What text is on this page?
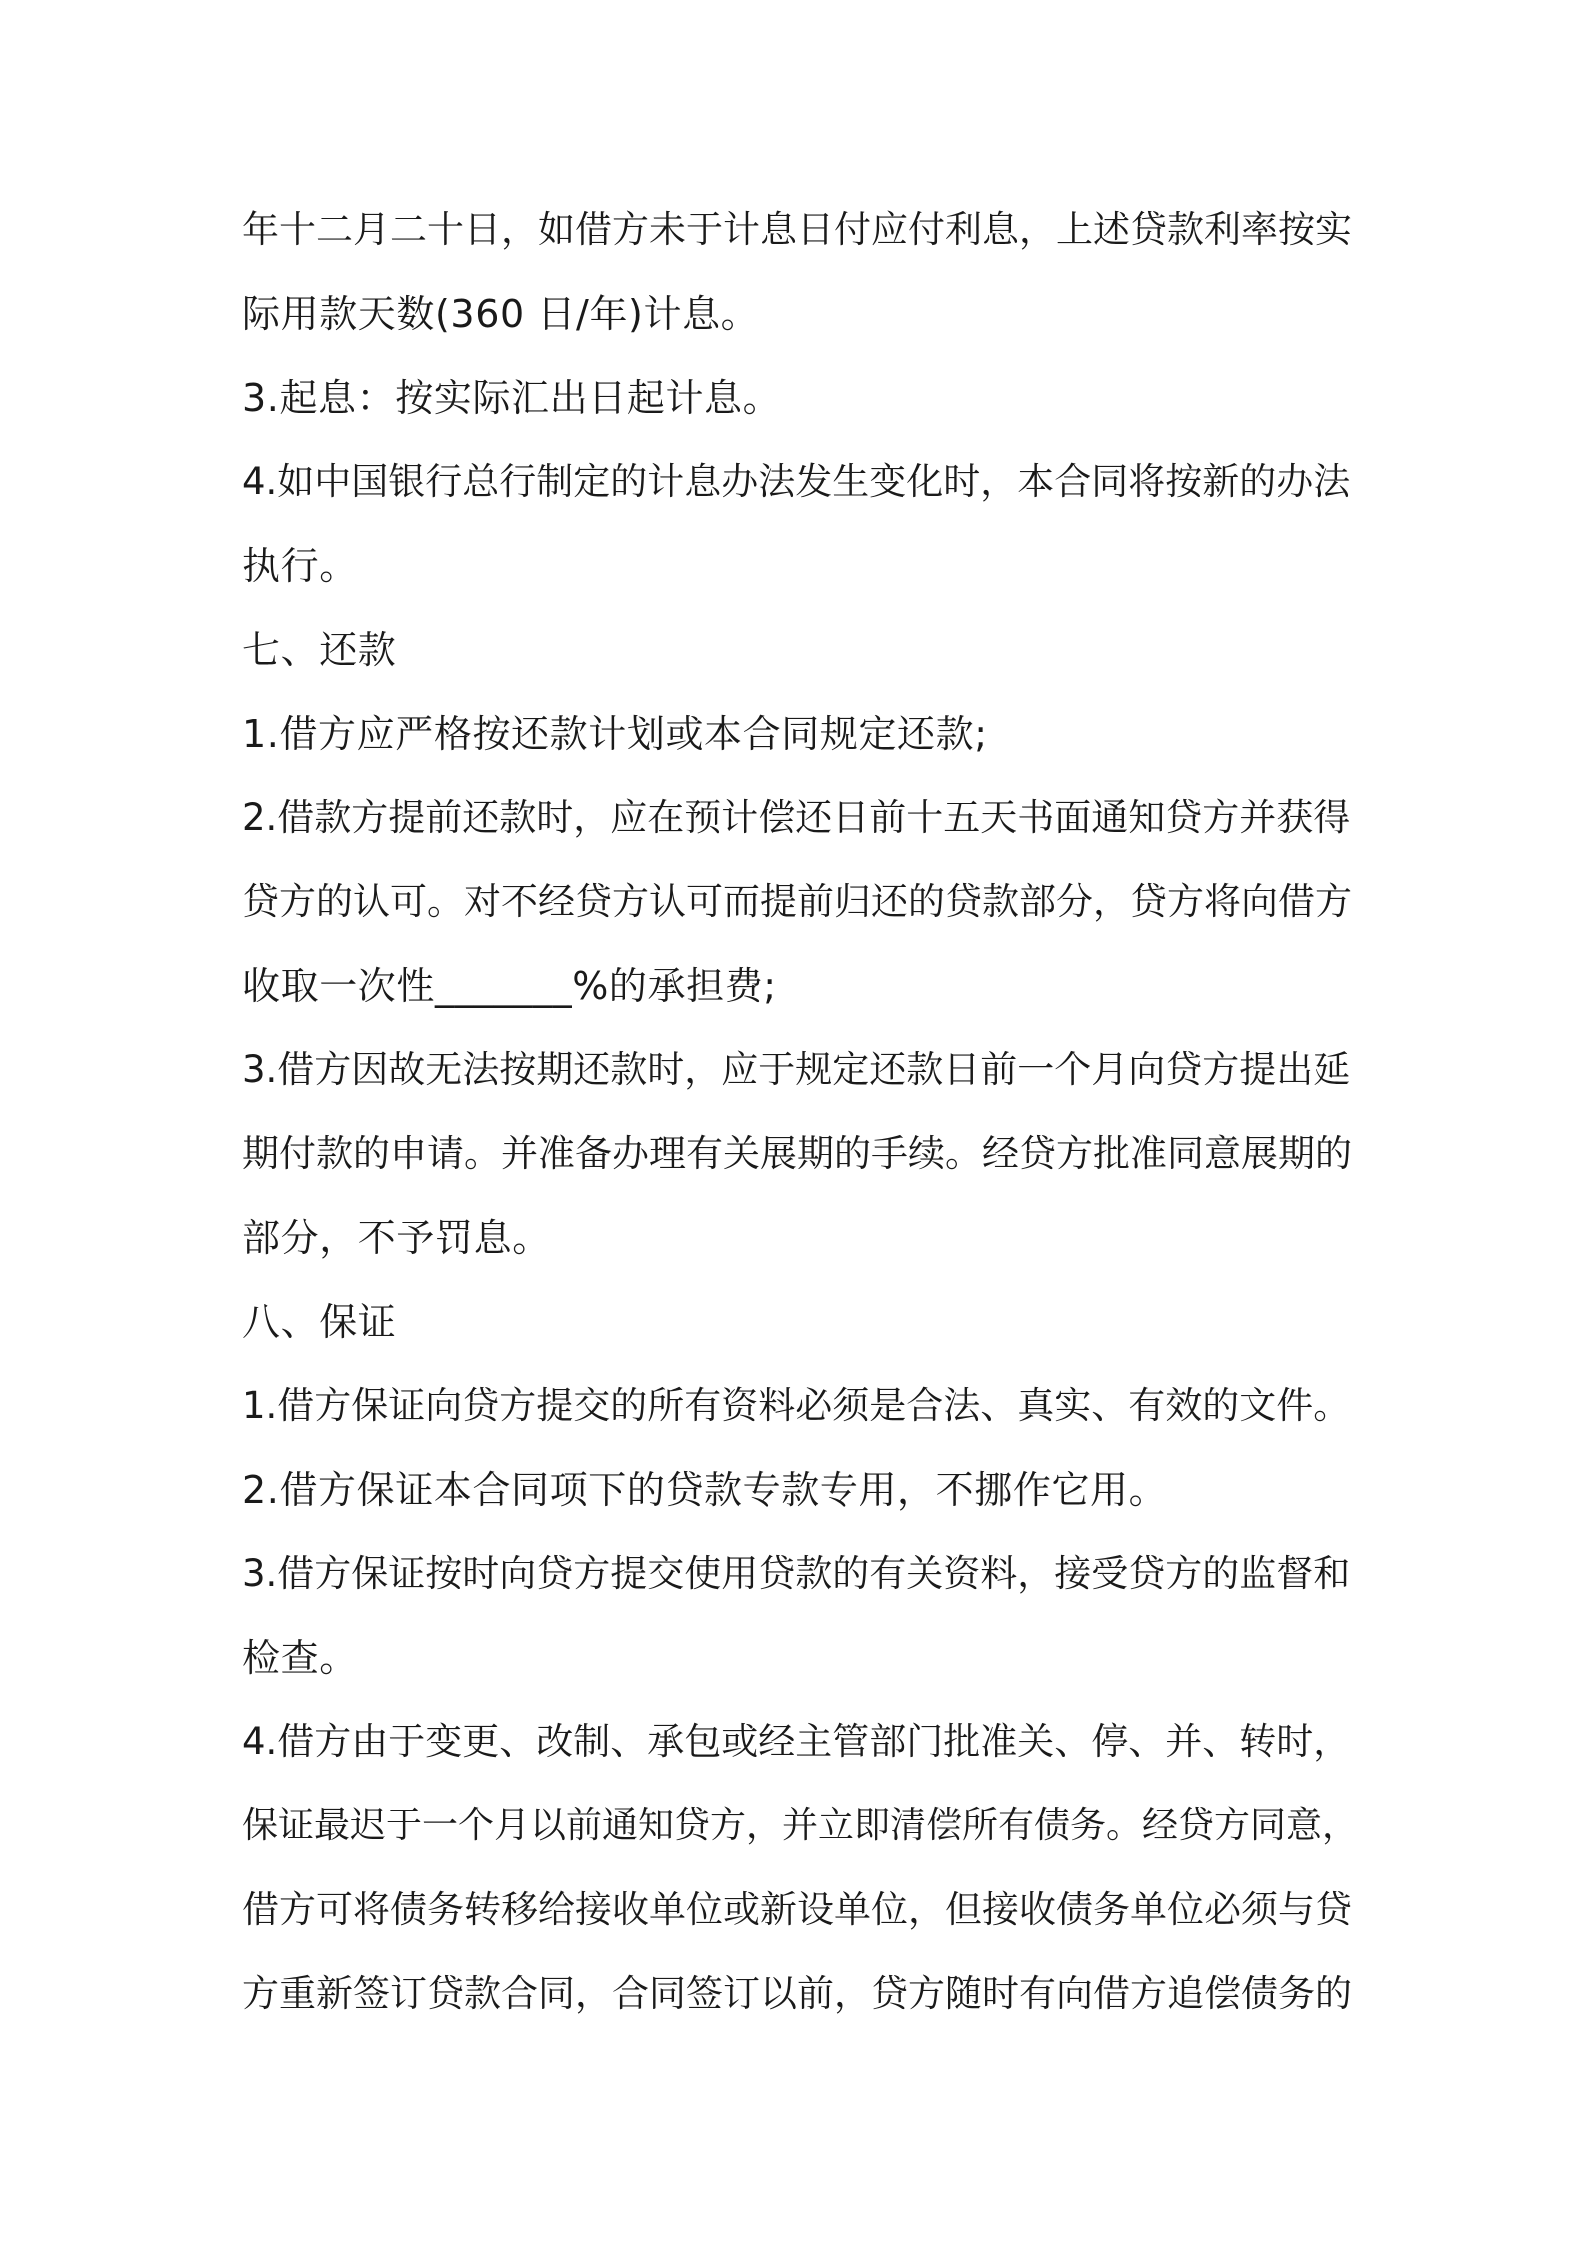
年十二月二十日，如借方未于计息日付应付利息，上述贷款利率按实

际用款天数(360 日/年)计息。

3.起息：按实际汇出日起计息。

4.如中国银行总行制定的计息办法发生变化时，本合同将按新的办法

执行。

七、还款

1.借方应严格按还款计划或本合同规定还款;

2.借款方提前还款时，应在预计偿还日前十五天书面通知贷方并获得

贷方的认可。对不经贷方认可而提前归还的贷款部分，贷方将向借方

收取一次性_______%的承担费;

3.借方因故无法按期还款时，应于规定还款日前一个月向贷方提出延

期付款的申请。并准备办理有关展期的手续。经贷方批准同意展期的

部分，不予罚息。

八、保证

1.借方保证向贷方提交的所有资料必须是合法、真实、有效的文件。

2.借方保证本合同项下的贷款专款专用，不挪作它用。

3.借方保证按时向贷方提交使用贷款的有关资料，接受贷方的监督和

检查。

4.借方由于变更、改制、承包或经主管部门批准关、停、并、转时，

保证最迟于一个月以前通知贷方，并立即清偿所有债务。经贷方同意，

借方可将债务转移给接收单位或新设单位，但接收债务单位必须与贷

方重新签订贷款合同，合同签订以前，贷方随时有向借方追偿债务的
